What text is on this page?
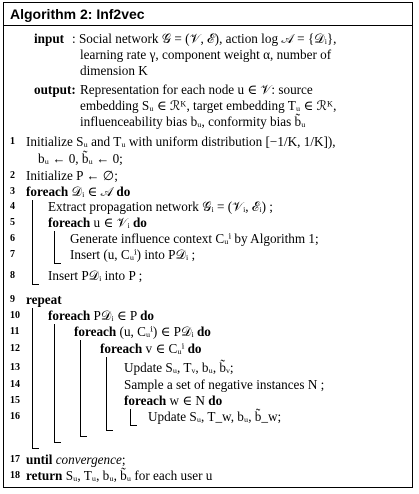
Algorithm 2: Inf2vec
input : Social network 𝒢 = (𝒱, ℰ), action log 𝒜 = {𝒟ᵢ},
learning rate γ, component weight α, number of
dimension K
output: Representation for each node u ∈ 𝒱: source
embedding Sᵤ ∈ ℛᴷ, target embedding Tᵤ ∈ ℛᴷ,
influenceability bias bᵤ, conformity bias b̃ᵤ
1 Initialize Sᵤ and Tᵤ with uniform distribution [−1/K, 1/K]),
bᵤ ← 0, b̃ᵤ ← 0;
2 Initialize P ← ∅;
3 foreach 𝒟ᵢ ∈ 𝒜 do
4	Extract propagation network 𝒢ᵢ = (𝒱ᵢ, ℰᵢ) ;
5	foreach u ∈ 𝒱ᵢ do
6	Generate influence context Cᵤⁱ by Algorithm 1;
7	Insert (u, Cᵤⁱ) into P𝒟ᵢ ;
8	Insert P𝒟ᵢ into P ;
9 repeat
10 foreach P𝒟ᵢ ∈ P do
11	foreach (u, Cᵤⁱ) ∈ P𝒟ᵢ do
12	foreach v ∈ Cᵤⁱ do
13	Update Sᵤ, Tᵥ, bᵤ, b̃ᵥ;
14	Sample a set of negative instances N ;
15	foreach w ∈ N do
16	Update Sᵤ, T_w, bᵤ, b̃_w;
17 until convergence;
18 return Sᵤ, Tᵤ, bᵤ, b̃ᵤ for each user u
